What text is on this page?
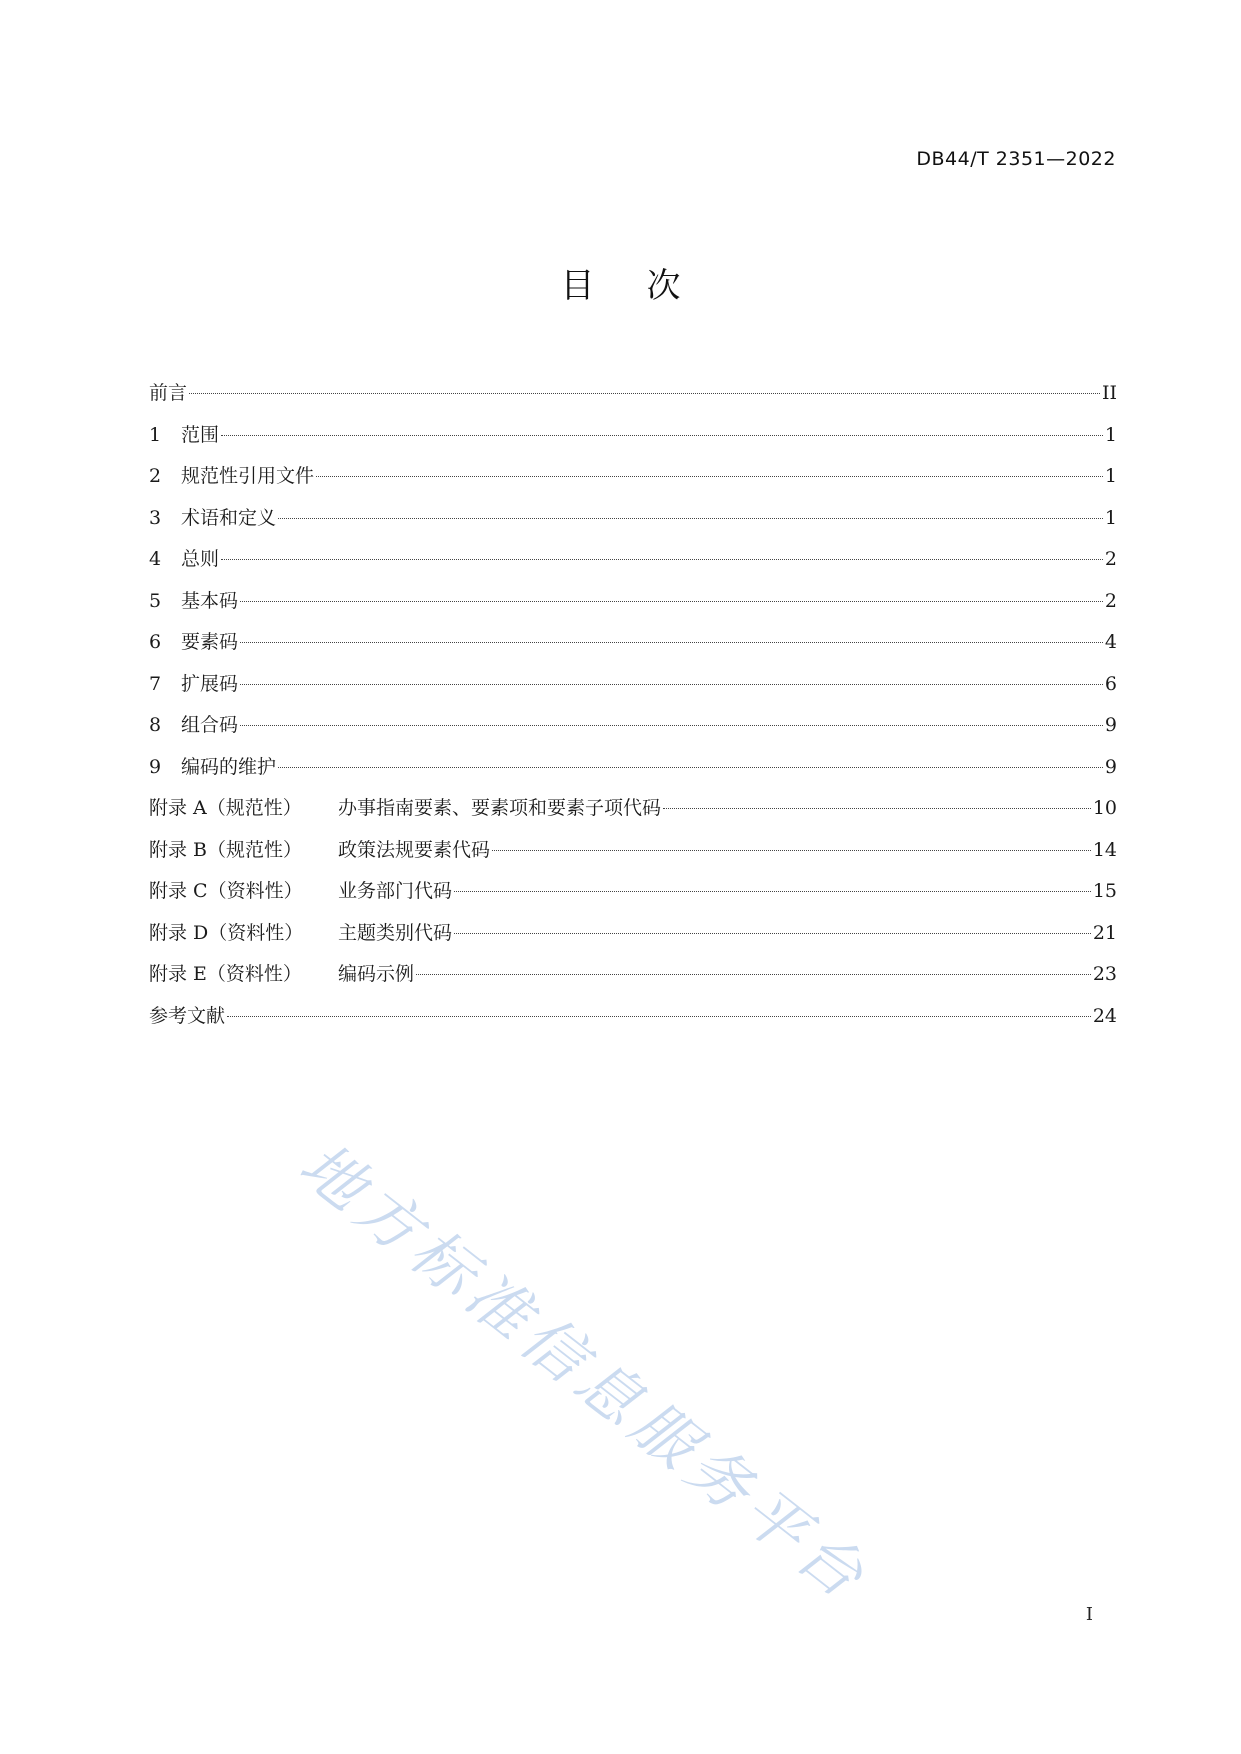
DB44/T 2351—2022
目次
前言	II
1	范围	1
2	规范性引用文件	1
3	术语和定义	1
4	总则	2
5	基本码	2
6	要素码	4
7	扩展码	6
8	组合码	9
9	编码的维护	9
附录 A（规范性）	办事指南要素、要素项和要素子项代码	10
附录 B（规范性）	政策法规要素代码	14
附录 C（资料性）	业务部门代码	15
附录 D（资料性）	主题类别代码	21
附录 E（资料性）	编码示例	23
参考文献	24
地方标准信息服务平台	I
